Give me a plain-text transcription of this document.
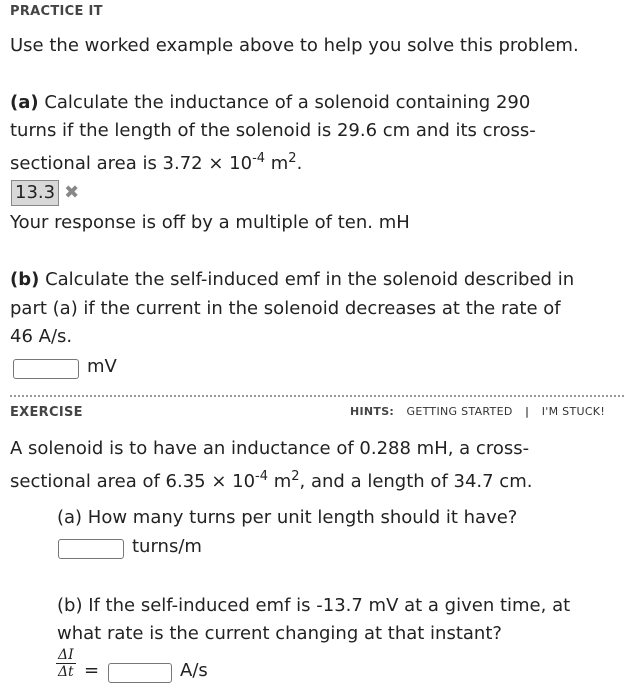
PRACTICE IT
Use the worked example above to help you solve this problem.
(a) Calculate the inductance of a solenoid containing 290
turns if the length of the solenoid is 29.6 cm and its cross-
sectional area is $3.72 \times 10^{-4}$ $m^2$.
13.3 ✖
Your response is off by a multiple of ten. mH
(b) Calculate the self-induced emf in the solenoid described in
part (a) if the current in the solenoid decreases at the rate of
46 A/s.
mV
EXERCISE	HINTS: GETTING STARTED | I'M STUCK!
A solenoid is to have an inductance of 0.288 mH, a cross-
sectional area of $6.35 \times 10^{-4}$ $m^2$, and a length of 34.7 cm.
(a) How many turns per unit length should it have?
turns/m
(b) If the self-induced emf is -13.7 mV at a given time, at
what rate is the current changing at that instant?
$\frac{\Delta I}{\Delta t}$ =	A/s
